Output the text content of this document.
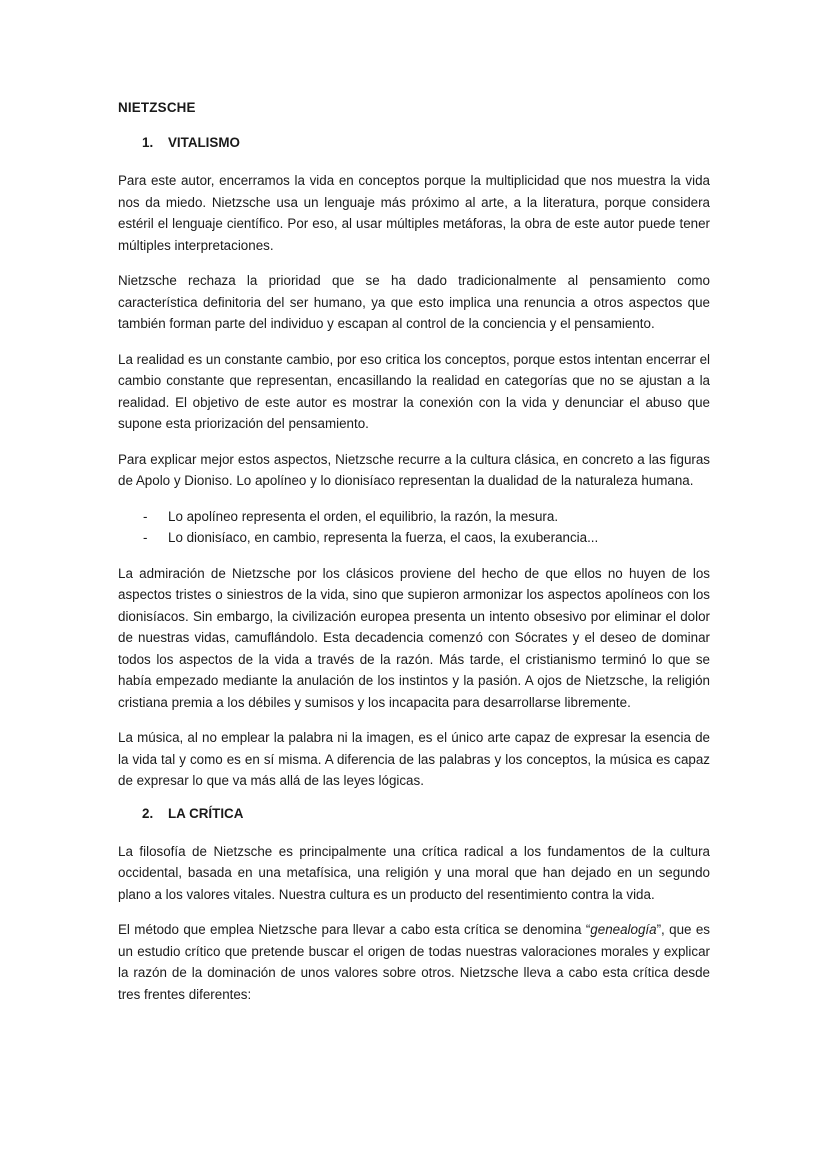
NIETZSCHE
1.	VITALISMO

Para este autor, encerramos la vida en conceptos porque la multiplicidad que nos muestra la vida nos da miedo. Nietzsche usa un lenguaje más próximo al arte, a la literatura, porque considera estéril el lenguaje científico. Por eso, al usar múltiples metáforas, la obra de este autor puede tener múltiples interpretaciones.

Nietzsche rechaza la prioridad que se ha dado tradicionalmente al pensamiento como característica definitoria del ser humano, ya que esto implica una renuncia a otros aspectos que también forman parte del individuo y escapan al control de la conciencia y el pensamiento.

La realidad es un constante cambio, por eso critica los conceptos, porque estos intentan encerrar el cambio constante que representan, encasillando la realidad en categorías que no se ajustan a la realidad. El objetivo de este autor es mostrar la conexión con la vida y denunciar el abuso que supone esta priorización del pensamiento.

Para explicar mejor estos aspectos, Nietzsche recurre a la cultura clásica, en concreto a las figuras de Apolo y Dioniso. Lo apolíneo y lo dionisíaco representan la dualidad de la naturaleza humana.

-	Lo apolíneo representa el orden, el equilibrio, la razón, la mesura.
-	Lo dionisíaco, en cambio, representa la fuerza, el caos, la exuberancia...

La admiración de Nietzsche por los clásicos proviene del hecho de que ellos no huyen de los aspectos tristes o siniestros de la vida, sino que supieron armonizar los aspectos apolíneos con los dionisíacos. Sin embargo, la civilización europea presenta un intento obsesivo por eliminar el dolor de nuestras vidas, camuflándolo. Esta decadencia comenzó con Sócrates y el deseo de dominar todos los aspectos de la vida a través de la razón. Más tarde, el cristianismo terminó lo que se había empezado mediante la anulación de los instintos y la pasión. A ojos de Nietzsche, la religión cristiana premia a los débiles y sumisos y los incapacita para desarrollarse libremente.

La música, al no emplear la palabra ni la imagen, es el único arte capaz de expresar la esencia de la vida tal y como es en sí misma. A diferencia de las palabras y los conceptos, la música es capaz de expresar lo que va más allá de las leyes lógicas.

2.	LA CRÍTICA

La filosofía de Nietzsche es principalmente una crítica radical a los fundamentos de la cultura occidental, basada en una metafísica, una religión y una moral que han dejado en un segundo plano a los valores vitales. Nuestra cultura es un producto del resentimiento contra la vida.

El método que emplea Nietzsche para llevar a cabo esta crítica se denomina “genealogía”, que es un estudio crítico que pretende buscar el origen de todas nuestras valoraciones morales y explicar la razón de la dominación de unos valores sobre otros. Nietzsche lleva a cabo esta crítica desde tres frentes diferentes:
